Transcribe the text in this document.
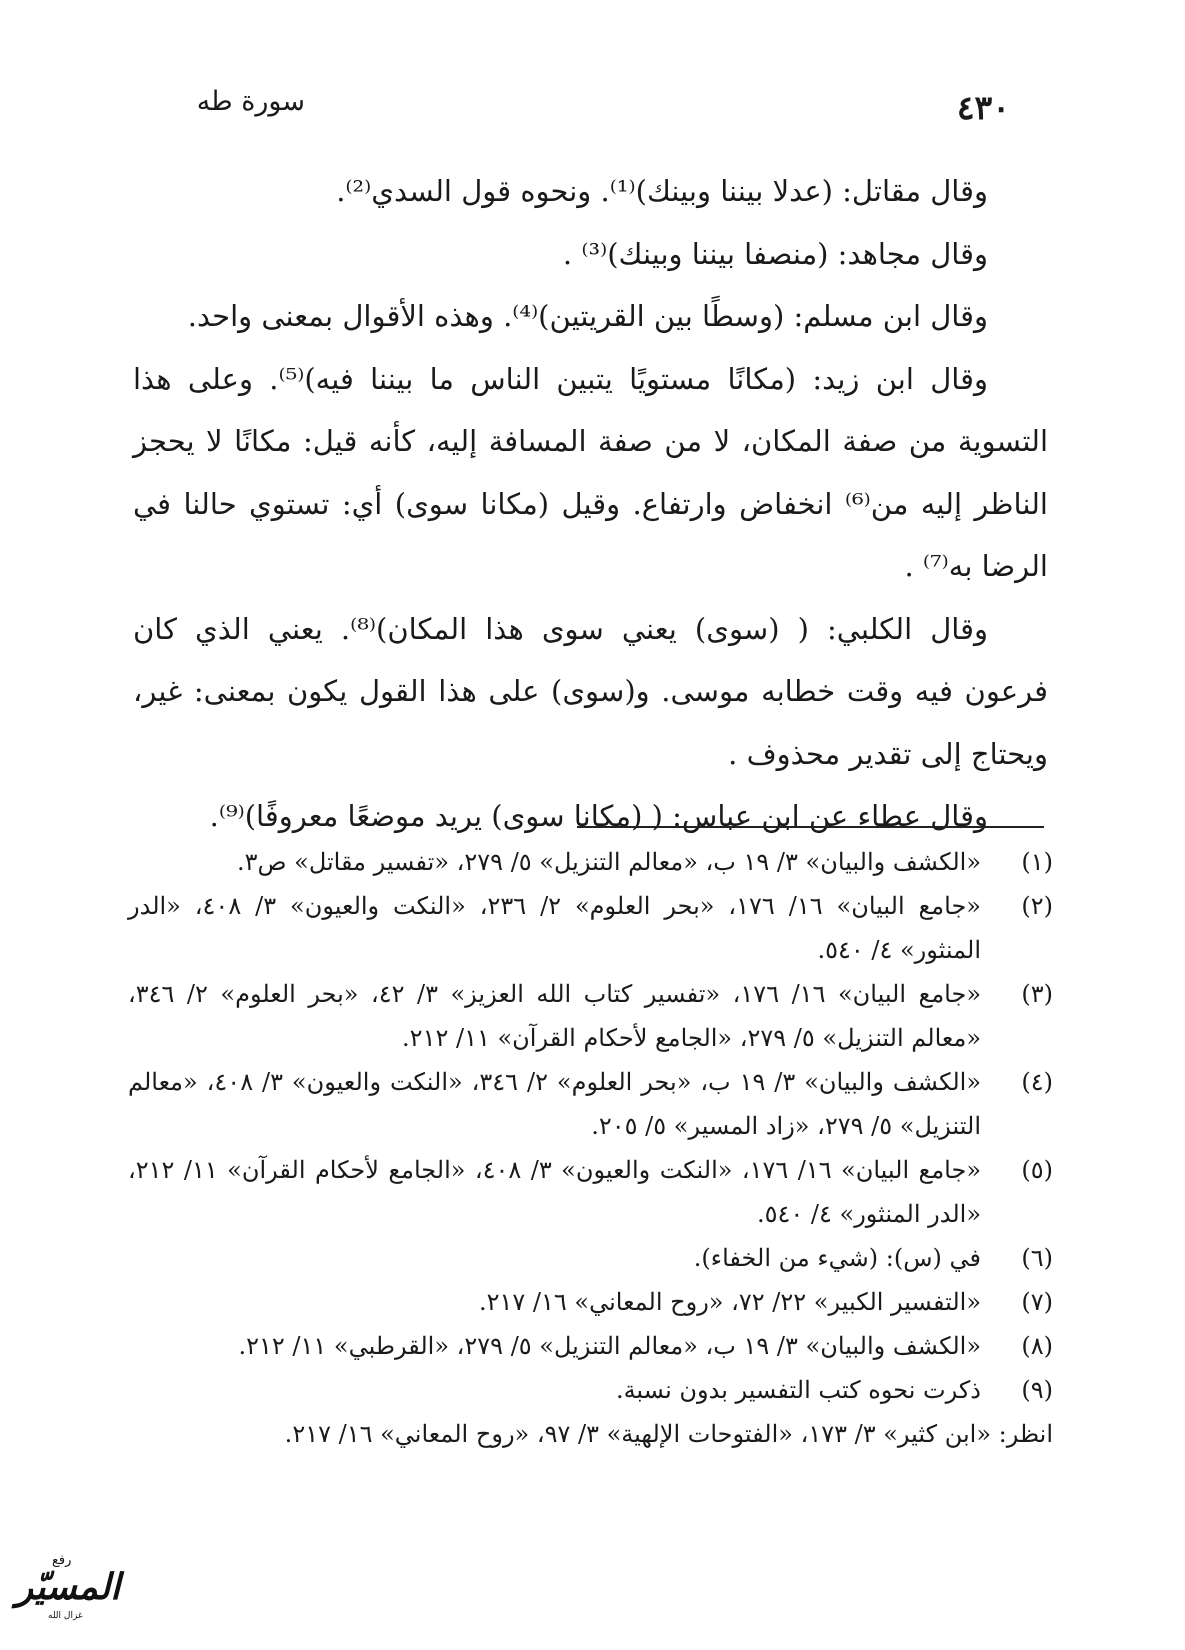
سورة طه	٤٣٠

وقال مقاتل: (عدلا بيننا وبينك)⁽¹⁾. ونحوه قول السدي⁽²⁾.

وقال مجاهد: (منصفا بيننا وبينك)⁽³⁾ .

وقال ابن مسلم: (وسطًا بين القريتين)⁽⁴⁾. وهذه الأقوال بمعنى واحد.

وقال ابن زيد: (مكانًا مستويًا يتبين الناس ما بيننا فيه)⁽⁵⁾. وعلى هذا التسوية من صفة المكان، لا من صفة المسافة إليه، كأنه قيل: مكانًا لا يحجز الناظر إليه من⁽⁶⁾ انخفاض وارتفاع. وقيل (مكانا سوى) أي: تستوي حالنا في الرضا به⁽⁷⁾ .

وقال الكلبي: ( (سوى) يعني سوى هذا المكان)⁽⁸⁾. يعني الذي كان فرعون فيه وقت خطابه موسى. و(سوى) على هذا القول يكون بمعنى: غير، ويحتاج إلى تقدير محذوف .

وقال عطاء عن ابن عباس: ( (مكانا سوى) يريد موضعًا معروفًا)⁽⁹⁾.

(١)
«الكشف والبيان» ٣/ ١٩ ب، «معالم التنزيل» ٥/ ٢٧٩، «تفسير مقاتل» ص٣.
(٢)
«جامع البيان» ١٦/ ١٧٦، «بحر العلوم» ٢/ ٢٣٦، «النكت والعيون» ٣/ ٤٠٨، «الدر المنثور» ٤/ ٥٤٠.
(٣)
«جامع البيان» ١٦/ ١٧٦، «تفسير كتاب الله العزيز» ٣/ ٤٢، «بحر العلوم» ٢/ ٣٤٦، «معالم التنزيل» ٥/ ٢٧٩، «الجامع لأحكام القرآن» ١١/ ٢١٢.
(٤)
«الكشف والبيان» ٣/ ١٩ ب، «بحر العلوم» ٢/ ٣٤٦، «النكت والعيون» ٣/ ٤٠٨، «معالم التنزيل» ٥/ ٢٧٩، «زاد المسير» ٥/ ٢٠٥.
(٥)
«جامع البيان» ١٦/ ١٧٦، «النكت والعيون» ٣/ ٤٠٨، «الجامع لأحكام القرآن» ١١/ ٢١٢، «الدر المنثور» ٤/ ٥٤٠.
(٦)
في (س): (شيء من الخفاء).
(٧)
«التفسير الكبير» ٢٢/ ٧٢، «روح المعاني» ١٦/ ٢١٧.
(٨)
«الكشف والبيان» ٣/ ١٩ ب، «معالم التنزيل» ٥/ ٢٧٩، «القرطبي» ١١/ ٢١٢.
(٩)
ذكرت نحوه كتب التفسير بدون نسبة.
انظر: «ابن كثير» ٣/ ١٧٣، «الفتوحات الإلهية» ٣/ ٩٧، «روح المعاني» ١٦/ ٢١٧.
رفع
المسيّر
غزال الله
